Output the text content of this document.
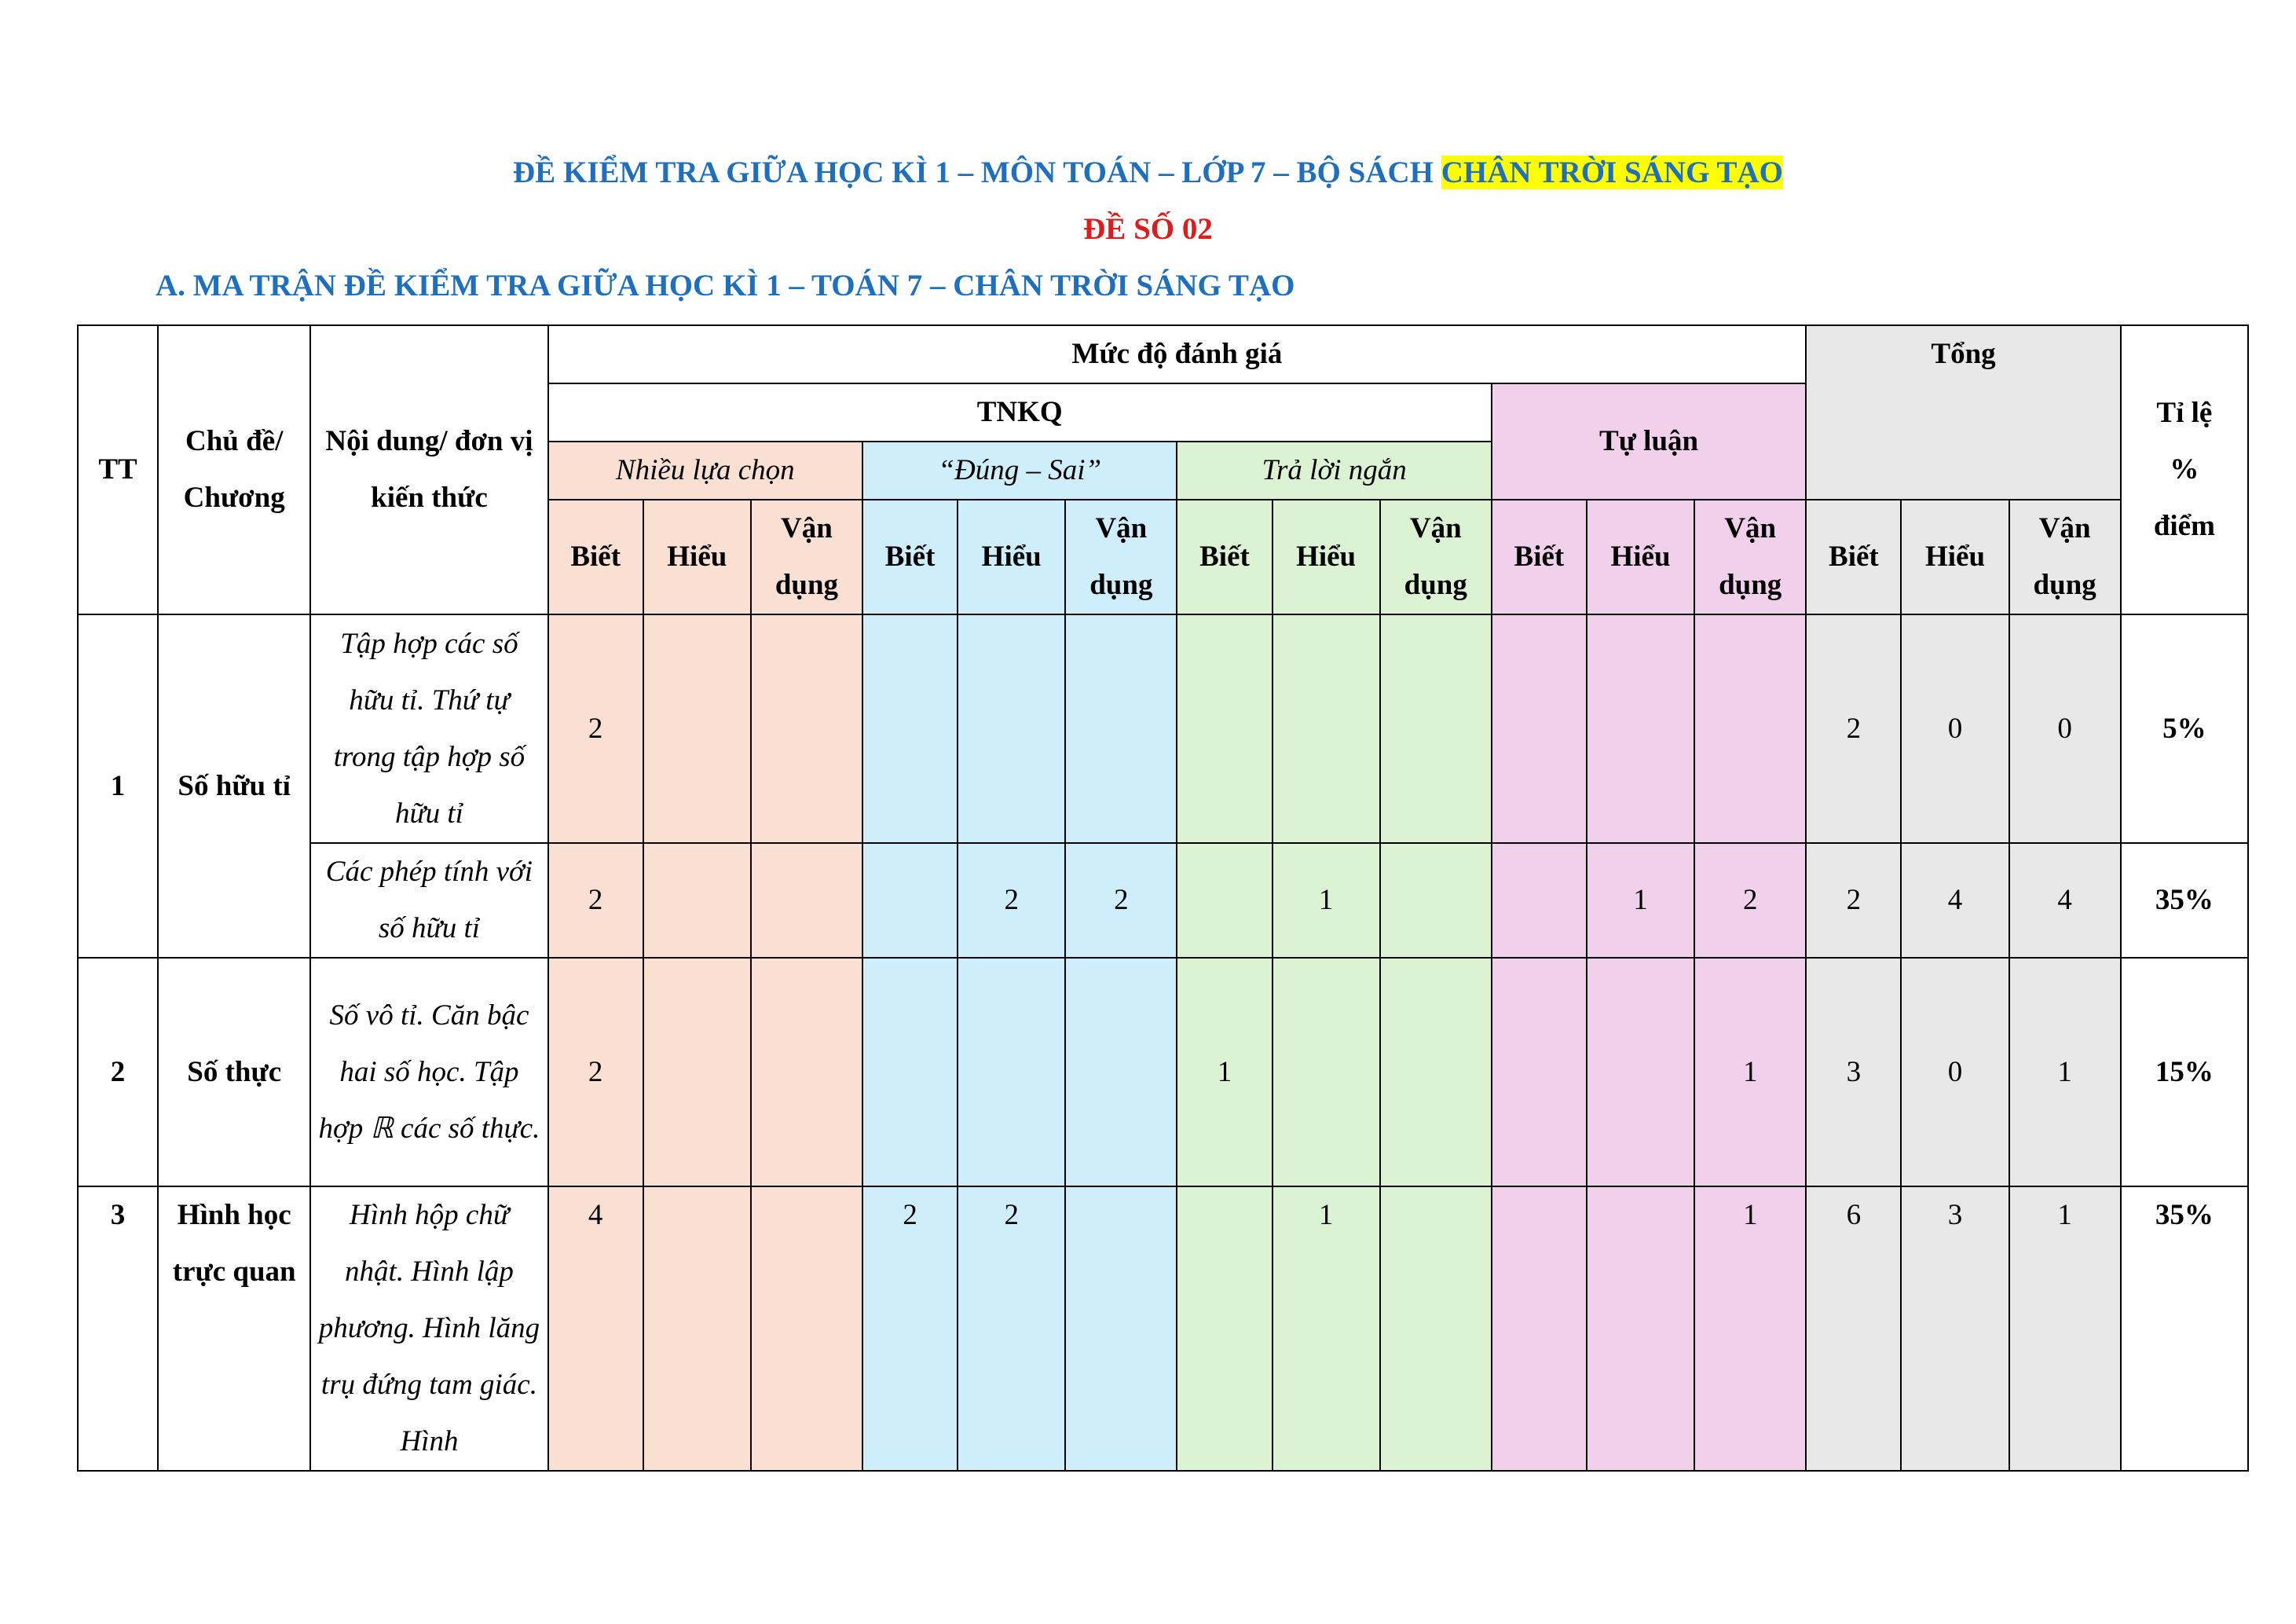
ĐỀ KIỂM TRA GIỮA HỌC KÌ 1 – MÔN TOÁN – LỚP 7 – BỘ SÁCH CHÂN TRỜI SÁNG TẠO
ĐỀ SỐ 02
A. MA TRẬN ĐỀ KIỂM TRA GIỮA HỌC KÌ 1 – TOÁN 7 – CHÂN TRỜI SÁNG TẠO
TT	Chủ đề/ Chương	Nội dung/ đơn vị kiến thức	Mức độ đánh giá												Tổng			Tỉ lệ % điểm
			TNKQ									Tự luận						
			Nhiều lựa chọn			“Đúng – Sai”			Trả lời ngắn									
			Biết	Hiểu	Vận dụng	Biết	Hiểu	Vận dụng	Biết	Hiểu	Vận dụng	Biết	Hiểu	Vận dụng	Biết	Hiểu	Vận dụng	
1	Số hữu tỉ	Tập hợp các số hữu tỉ. Thứ tự trong tập hợp số hữu tỉ	2												2	0	0	5%
		Các phép tính với số hữu tỉ	2				2	2		1			1	2	2	4	4	35%
2	Số thực	Số vô tỉ. Căn bậc hai số học. Tập hợp ℝ các số thực.	2						1					1	3	0	1	15%
3	Hình học trực quan	Hình hộp chữ nhật. Hình lập phương. Hình lăng trụ đứng tam giác. Hình	4			2	2			1				1	6	3	1	35%
